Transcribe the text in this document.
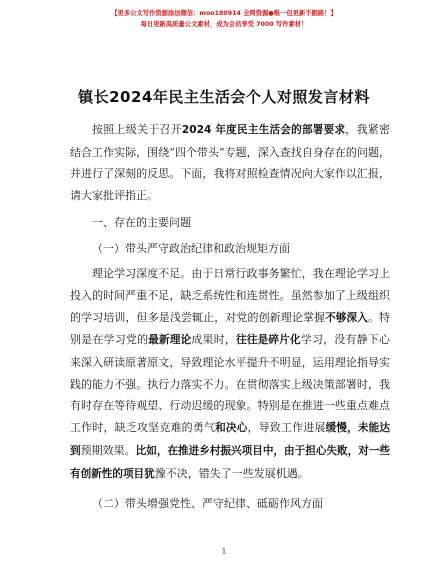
【更多公文写作资源添加微信：moo180914 全网资源●唯一包更新不跑路！】
每日更新高质量公文素材，成为会员享受 7000 写作素材！
镇长2024年民主生活会个人对照发言材料

按照上级关于召开2024 年度民主生活会的部署要求，我紧密结合工作实际，围绕“四个带头”专题，深入查找自身存在的问题，并进行了深刻的反思。下面，我将对照检查情况向大家作以汇报，请大家批评指正。

一、存在的主要问题

（一）带头严守政治纪律和政治规矩方面

理论学习深度不足。由于日常行政事务繁忙，我在理论学习上投入的时间严重不足，缺乏系统性和连贯性。虽然参加了上级组织的学习培训，但多是浅尝辄止，对党的创新理论掌握不够深入。特别是在学习党的最新理论成果时，往往是碎片化学习，没有静下心来深入研读原著原文，导致理论水平提升不明显，运用理论指导实践的能力不强。执行力落实不力。在贯彻落实上级决策部署时，我有时存在等待观望、行动迟缓的现象。特别是在推进一些重点难点工作时，缺乏攻坚克难的勇气和决心，导致工作进展缓慢，未能达到预期效果。比如，在推进乡村振兴项目中，由于担心失败，对一些有创新性的项目犹豫不决，错失了一些发展机遇。

（二）带头增强党性、严守纪律、砥砺作风方面

1
